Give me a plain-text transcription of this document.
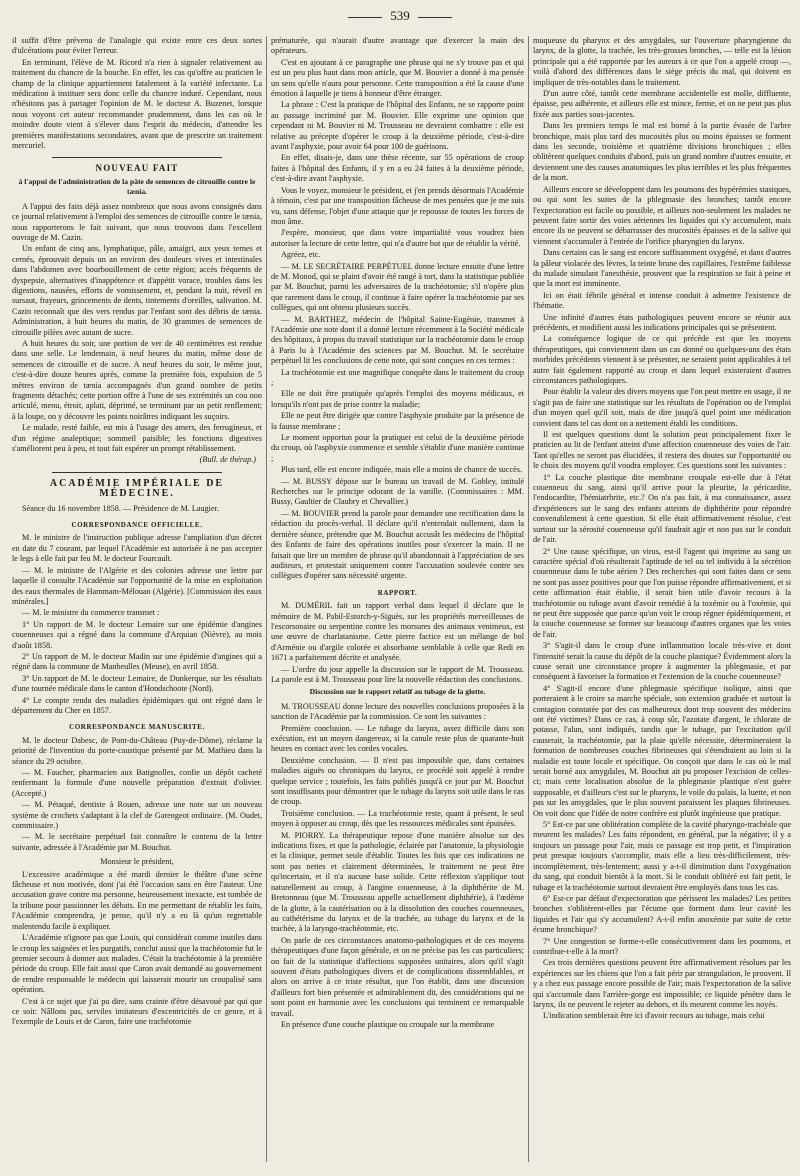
539

il suffit d'être prévenu de l'analogie qui existe entre ces deux sortes d'ulcérations pour éviter l'erreur.

En terminant, l'élève de M. Ricord n'a rien à signaler relativement au traitement du chancre de la bouche. En effet, les cas qu'offre au praticien le champ de la clinique appartiennent fatalement à la variété infectante. La médication à instituer sera donc celle du chancre induré. Cependant, nous n'hésitons pas à partager l'opinion de M. le docteur A. Buzenet, lorsque nous voyons cet auteur recommander prudemment, dans les cas où le moindre doute vient à s'élever dans l'esprit du médecin, d'attendre les premières manifestations secondaires, avant que de prescrire un traitement mercuriel.

NOUVEAU FAIT
à l'appui de l'administration de la pâte de semences de citrouille contre le tænia.

A l'appui des faits déjà assez nombreux que nous avons consignés dans ce journal relativement à l'emploi des semences de citrouille contre le tænia, nous rapporterons le fait suivant, que nous trouvons dans l'excellent ouvrage de M. Cazin.

Un enfant de cinq ans, lymphatique, pâle, amaigri, aux yeux ternes et cernés, éprouvait depuis un an environ des douleurs vives et intestinales dans l'abdomen avec bourbouillement de cette région; accès fréquents de dyspepsie, alternatives d'inappétence et d'appétit vorace, troubles dans les digestions, nausées, efforts de vomissement, et, pendant la nuit, réveil en sursaut, frayeurs, grincements de dents, tintements d'oreilles, salivation. M. Cazin reconnaît que des vers rendus par l'enfant sont des débris de tænia. Administration, à huit heures du matin, de 30 grammes de semences de citrouille pilées avec autant de sucre.

A huit heures du soir, une portion de ver de 40 centimètres est rendue dans une selle. Le lendemain, à neuf heures du matin, même dose de semences de citrouille et de sucre. A neuf heures du soir, le même jour, c'est-à-dire douze heures après, comme la première fois, expulsion de 5 mètres environ de tænia accompagnés d'un grand nombre de petits fragments détachés; cette portion offre à l'une de ses extrémités un cou non articulé, menu, étroit, aplati, déprimé, se terminant par un petit renflement; à la loupe, on y découvre les points noirâtres indiquant les suçoirs.

Le malade, resté faible, est mis à l'usage des amers, des ferrugineux, et d'un régime analeptique; sommeil paisible; les fonctions digestives s'améliorent peu à peu, et tout fait espérer un prompt rétablissement.

(Bull. de thérap.)
ACADÉMIE IMPÉRIALE DE MÉDECINE.

Séance du 16 novembre 1858. — Présidence de M. Laugier.

CORRESPONDANCE OFFICIELLE.

M. le ministre de l'instruction publique adresse l'ampliation d'un décret en date du 7 courant, par lequel l'Académie est autorisée à ne pas accepter le legs à elle fait par feu M. le docteur Fourcault.

— M. le ministre de l'Algérie et des colonies adresse une lettre par laquelle il consulte l'Académie sur l'opportunité de la mise en exploitation des eaux thermales de Hammam-Mélouan (Algérie). [Commission des eaux minérales.]

— M. le ministre du commerce transmet :

1° Un rapport de M. le docteur Lemaire sur une épidémie d'angines couenneuses qui a régné dans la commune d'Arquian (Nièvre), au mois d'août 1858.

2° Un rapport de M. le docteur Madin sur une épidémie d'angines qui a régné dans la commune de Manbeulles (Meuse), en avril 1858.

3° Un rapport de M. le docteur Lemaire, de Dunkerque, sur les résultats d'une tournée médicale dans le canton d'Hondschoote (Nord).

4° Le compte rendu des maladies épidémiques qui ont régné dans le département du Cher en 1857.

CORRESPONDANCE MANUSCRITE.

M. le docteur Dabesc, de Pont-du-Château (Puy-de-Dôme), réclame la priorité de l'invention du porte-caustique présenté par M. Mathieu dans la séance du 29 octobre.

— M. Faucher, pharmacien aux Batignolles, confie un dépôt cacheté renfermant la formule d'une nouvelle préparation d'extrait d'olivier. (Accepté.)

— M. Pétaqué, dentiste à Rouen, adresse une note sur un nouveau système de crochets s'adaptant à la clef de Garengeot ordinaire. (M. Oudet, commissaire.)

— M. le secrétaire perpétuel fait connaître le contenu de la lettre suivante, adressée à l'Académie par M. Bouchut.

Monsieur le président,

L'excessive académique a été mardi dernier le théâtre d'une scène fâcheuse et non motivée, dont j'ai été l'occasion sans en être l'auteur. Une accusation grave contre ma personne, heureusement inexacte, est tombée de la tribune pour passionner les débats. En me permettant de rétablir les faits, l'Académie comprendra, je pense, qu'il n'y a eu là qu'un regrettable malentendu facile à expliquer.

L'Académie n'ignore pas que Louis, qui considérait comme inutiles dans le croup les saignées et les purgatifs, conclut aussi que la trachéotomie fut le premier secours à donner aux malades. C'était la trachéotomie à la première période du croup. Elle fait aussi que Caron avait demandé au gouvernement de rendre responsable le médecin qui laisserait mourir un croupalisé sans opération.

C'est à ce sujet que j'ai pu dire, sans crainte d'être désavoué par qui que ce soit: Nâllons pas, serviles imitateurs d'excentricités de ce genre, et à l'exemple de Louis et de Caron, faire une trachéotomie

prématurée, qui n'aurait d'autre avantage que d'exercer la main des opérateurs.

C'est en ajoutant à ce paragraphe une phrase qui ne s'y trouve pas et qui est un peu plus haut dans mon article, que M. Bouvier a donné à ma pensée un sens qu'elle n'aura pour personne. Cette transposition a été la cause d'une émotion à laquelle je tiens à honneur d'être étranger.

La phrase : C'est la pratique de l'hôpital des Enfants, ne se rapporte point au passage incriminé par M. Bouvier. Elle exprime une opinion que cependant ni M. Bouvier ni M. Trousseau ne devraient combattre : elle est relative au précepte d'opérer le croup à la deuxième période, c'est-à-dire avant l'asphyxie, pour avoir 64 pour 100 de guérisons.

En effet, disais-je, dans une thèse récente, sur 55 opérations de croup faites à l'hôpital des Enfants, il y en a eu 24 faites à la deuxième période, c'est-à-dire avant l'asphyxie.

Vous le voyez, monsieur le président, et j'en prends désormais l'Académie à témoin, c'est par une transposition fâcheuse de mes pensées que je me suis vu, sans défense, l'objet d'une attaque que je repousse de toutes les forces de mon âme.

J'espère, monsieur, que dans votre impartialité vous voudrez bien autoriser la lecture de cette lettre, qui n'a d'autre but que de rétablir la vérité.

Agréez, etc.

— M. LE SECRÉTAIRE PERPÉTUEL donne lecture ensuite d'une lettre de M. Monod, qui se plaint d'avoir été rangé à tort, dans la statistique publiée par M. Bouchut, parmi les adversaires de la trachéotomie; s'il n'opère plus que rarement dans le croup, il continue à faire opérer la trachéotomie par ses collègues, qui ont obtenu plusieurs succès.

— M. BARTHEZ, médecin de l'hôpital Sainte-Eugénie, transmet à l'Académie une note dont il a donné lecture récemment à la Société médicale des hôpitaux, à propos du travail statistique sur la trachéotomie dans le croup à Paris lu à l'Académie des sciences par M. Bouchut. M. le secrétaire perpétuel lit les conclusions de cette note, qui sont conçues en ces termes :

La trachéotomie est une magnifique conquête dans le traitement du croup ;

Elle ne doit être pratiquée qu'après l'emploi des moyens médicaux, et lorsqu'ils n'ont pas de prise contre la maladie;

Elle ne peut être dirigée que contre l'asphyxie produite par la présence de la fausse membrane ;

Le moment opportun pour la pratiquer est celui de la deuxième période du croup, où l'asphyxie commence et semble s'établir d'une manière continue ;

Plus tard, elle est encore indiquée, mais elle a moins de chance de succès.

— M. BUSSY dépose sur le bureau un travail de M. Gobley, intitulé Recherches sur le principe odorant de la vanille. (Commissaires : MM. Bussy, Gaultier de Claubry et Chevallier.)

— M. BOUVIER prend la parole pour demander une rectification dans la rédaction du procès-verbal. Il déclare qu'il n'entendait nullement, dans la dernière séance, prétendre que M. Bouchut accusât les médecins de l'hôpital des Enfants de faire des opérations inutiles pour s'exercer la main. Il ne faisait que lire un membre de phrase qu'il abandonnait à l'appréciation de ses auditeurs, et protestait uniquement contre l'accusation soulevée contre ses collègues d'opérer sans nécessité urgente.

RAPPORT.

M. DUMÉRIL fait un rapport verbal dans lequel il déclare que le mémoire de M. Pabil-Estorch-y-Siguès, sur les propriétés merveilleuses de l'escorsonaire ou serpentine contre les morsures des animaux venimeux, est une œuvre de charlatanisme. Cette pierre factice est un mélange de bol d'Arménie ou d'argile colorée et absorbante semblable à celle que Redi en 1671 a parfaitement décrite et analysée.

— L'ordre du jour appelle la discussion sur le rapport de M. Trousseau. La parole est à M. Trousseau pour lire la nouvelle rédaction des conclusions.

Discussion sur le rapport relatif au tubage de la glotte.

M. TROUSSEAU donne lecture des nouvelles conclusions proposées à la sanction de l'Académie par la commission. Ce sont les suivantes :

Première conclusion. — Le tubage du larynx, assez difficile dans son exécution, est un moyen dangereux, si la canule reste plus de quarante-huit heures en contact avec les cordes vocales.

Deuxième conclusion. — Il n'est pas impossible que, dans certaines maladies aiguës ou chroniques du larynx, ce procédé soit appelé à rendre quelque service ; toutefois, les faits publiés jusqu'à ce jour par M. Bouchut sont insuffisants pour démontrer que le tubage du larynx soit utile dans le cas de croup.

Troisième conclusion. — La trachéotomie reste, quant à présent, le seul moyen à opposer au croup, dès que les ressources médicales sont épuisées.

M. PIORRY. La thérapeutique repose d'une manière absolue sur des indications fixes, et que la pathologie, éclairée par l'anatomie, la physiologie et la clinique, permet seule d'établir. Toutes les fois que ces indications ne sont pas nettes et clairement déterminées, le traitement ne peut être qu'incertain, et il n'a aucune base solide. Cette réflexion s'applique tout naturellement au croup, à l'angine couenneuse, à la diphthérite de M. Bretonneau (que M. Trousseau appelle actuellement diphthérie), à l'œdème de la glotte, à la cautérisation ou à la dissolution des couches couenneuses, au cathétérisme du larynx et de la trachée, au tubage du larynx et de la trachée, à la laryngo-trachéotomie, etc.

On parle de ces circonstances anatomo-pathologiques et de ces moyens thérapeutiques d'une façon générale, et on ne précise pas les cas particuliers; on fait de la statistique d'affections supposées unitaires, alors qu'il s'agit souvent d'états pathologiques divers et de complications dissemblables, et alors on arrive à ce triste résultat, que l'on établit, dans une discussion d'ailleurs fort bien présentée et admirablement dit, des considérations qui ne sont point en harmonie avec les conclusions qui terminent ce remarquable travail.

En présence d'une couche plastique ou croupale sur la membrane

muqueuse du pharynx et des amygdales, sur l'ouverture pharyngienne du larynx, de la glotte, la trachée, les très-grosses bronches, — telle est la lésion principale qui a été rapportée par les auteurs à ce que l'on a appelé croup —, voilà d'abord des différences dans le siège précis du mal, qui doivent en impliquer de très-notables dans le traitement.

D'un autre côté, tantôt cette membrane accidentelle est molle, diffluente, épaisse, peu adhérente, et ailleurs elle est mince, ferme, et on ne peut pas plus fixée aux parties sous-jacentes.

Dans les premiers temps le mal est borné à la partie évasée de l'arbre bronchique, mais plus tard des mucosités plus ou moins épaisses se forment dans les seconde, troisième et quatrième divisions bronchiques ; elles oblitèrent quelques conduits d'abord, puis un grand nombre d'autres ensuite, et deviennent une des causes anatomiques les plus terribles et les plus fréquentes de la mort.

Ailleurs encore se développent dans les poumons des hypérémies stasiques, ou qui sont les suites de la phlegmasie des bronches; tantôt encore l'expectoration est facile ou possible, et ailleurs non-seulement les malades ne peuvent faire sortir des voies aériennes les liquides qui s'y accumulent, mais encore ils ne peuvent se débarrasser des mucosités épaisses et de la salive qui viennent s'accumuler à l'entrée de l'orifice pharyngien du larynx.

Dans certains cas le sang est encore suffisamment oxygéné, et dans d'autres la pâleur violacée des lèvres, la teinte brune des capillaires, l'extrême faiblesse du malade simulant l'anesthésie, prouvent que la respiration se fait à peine et que la mort est imminente.

Ici on était fébrile général et intense conduit à admettre l'existence de l'hématie.

Une infinité d'autres états pathologiques peuvent encore se réunir aux précédents, et modifient aussi les indications principales qui se présentent.

La conséquence logique de ce qui précède est que les moyens thérapeutiques, qui conviennent dans un cas donné ou quelques-uns des états morbides précédents viennent à se présenter, ne seraient point applicables à tel autre fait également rapporté au croup et dans lequel existeraient d'autres circonstances pathologiques.

Pour établir la valeur des divers moyens que l'on peut mettre en usage, il ne s'agit pas de faire une statistique sur les résultats de l'opération ou de l'emploi d'un moyen quel qu'il soit, mais de dire jusqu'à quel point une médication convient dans tel cas dont on a nettement établi les conditions.

Il est quelques questions dont la solution peut principalement fixer le praticien au lit de l'enfant atteint d'une affection couenneuse des voies de l'air. Tant qu'elles ne seront pas élucidées, il restera des doutes sur l'opportunité ou le choix des moyens qu'il voudra employer. Ces questions sont les suivantes :

1° La couche plastique dite membrane croupale est-elle due à l'état couenneux du sang, ainsi qu'il arrive pour la pleurite, la péricardite, l'endocardite, l'hémiatrhrite, etc.? On n'a pas fait, à ma connaissance, assez d'expériences sur le sang des enfants atteints de diphthérite pour répondre convenablement à cette question. Si elle était affirmativement résolue, c'est surtout sur la sérosité couenneuse qu'il faudrait agir et non pas sur le conduit de l'air.

2° Une cause spécifique, un virus, est-il l'agent qui imprime au sang un caractère spécial d'où résulterait l'aptitude de tel ou tel individu à la sécrétion couenneuse dans le tube aérien ? Des recherches qui sont faites dans ce sens ne sont pas assez positives pour que l'on puisse répondre affirmativement, et si cette affirmation était établie, il serait bien utile d'avoir recours à la trachéotomie ou tubage avant d'avoir remédié à la toxémie ou à l'oxémie, qui ne peut être supposée que parce qu'on voit le croup régner épidémiquement, et la couche couenneuse se former sur beaucoup d'autres organes que les voies de l'air.

3° S'agit-il dans le croup d'une inflammation locale très-vive et dont l'intensité serait la cause du dépôt de la couche plastique? Évidemment alors la cause serait une circonstance propre à augmenter la phlegmasie, et par conséquent à favoriser la formation et l'extension de la couche couenneuse?

4° S'agit-il encore d'une phlegmasie spécifique isolique, ainsi que porteraient à le croire sa marche spéciale, son extension graduée et surtout la contagion constatée par des cas malheureux dont trop souvent des médecins ont été victimes? Dans ce cas, à coup sûr, l'azotate d'argent, le chlorate de potasse, l'alun, sont indiqués, tandis que le tubage, par l'excitation qu'il causerait, la trachéotomie, par la plaie qu'elle nécessite, détermineraient la formation de nombreuses couches fibrineuses qui s'étendraient au loin si la maladie est toute locale et spécifique. On conçoit que dans le cas où le mal serait borné aux amygdales, M. Bouchut ait pu proposer l'excision de celles-ci; mais cette localisation absolue de la phlegmasie plastique n'est guère supposable, et d'ailleurs c'est sur le pharynx, le voile du palais, la luette, et non pas sur les amygdales, que le plus souvent paraissent les plaques fibrineuses. On voit donc que l'idée de notre confrère est plutôt ingénieuse que pratique.

5° Est-ce par une oblitération complète de la cavité pharyngo-trachéale que meurent les malades? Les faits répondent, en général, par la négative; il y a toujours un passage pour l'air, mais ce passage est trop petit, et l'inspiration peut presque toujours s'accomplir, mais elle a lieu très-difficilement, très-incomplètement, très-lentement; aussi y a-t-il diminution dans l'oxygénation du sang, qui conduit bientôt à la mort. Si le conduit oblitéré est fait petit, le tubage et la trachéotomie surtout devraient être employés dans tous les cas.

6° Est-ce par défaut d'expectoration que périssent les malades? Les petites bronches s'oblitèrent-elles par l'écume que forment dans leur cavité les liquides et l'air qui s'y accumulent? A-t-il enfin anoxémie par suite de cette écume bronchique?

7° Une congestion se forme-t-elle consécutivement dans les poumons, et contribue-t-elle à la mort?

Ces trois dernières questions peuvent être affirmativement résolues par les expériences sur les chiens que l'on a fait périr par strangulation, le prouvent. Il y a chez eux passage encore possible de l'air; mais l'expectoration de la salive qui s'accumule dans l'arrière-gorge est impossible; ce liquide pénètre dans le larynx, ils ne peuvent le rejeter au dehors, et ils meurent comme les noyés.

L'indication semblerait être ici d'avoir recours au tubage, mais celui
